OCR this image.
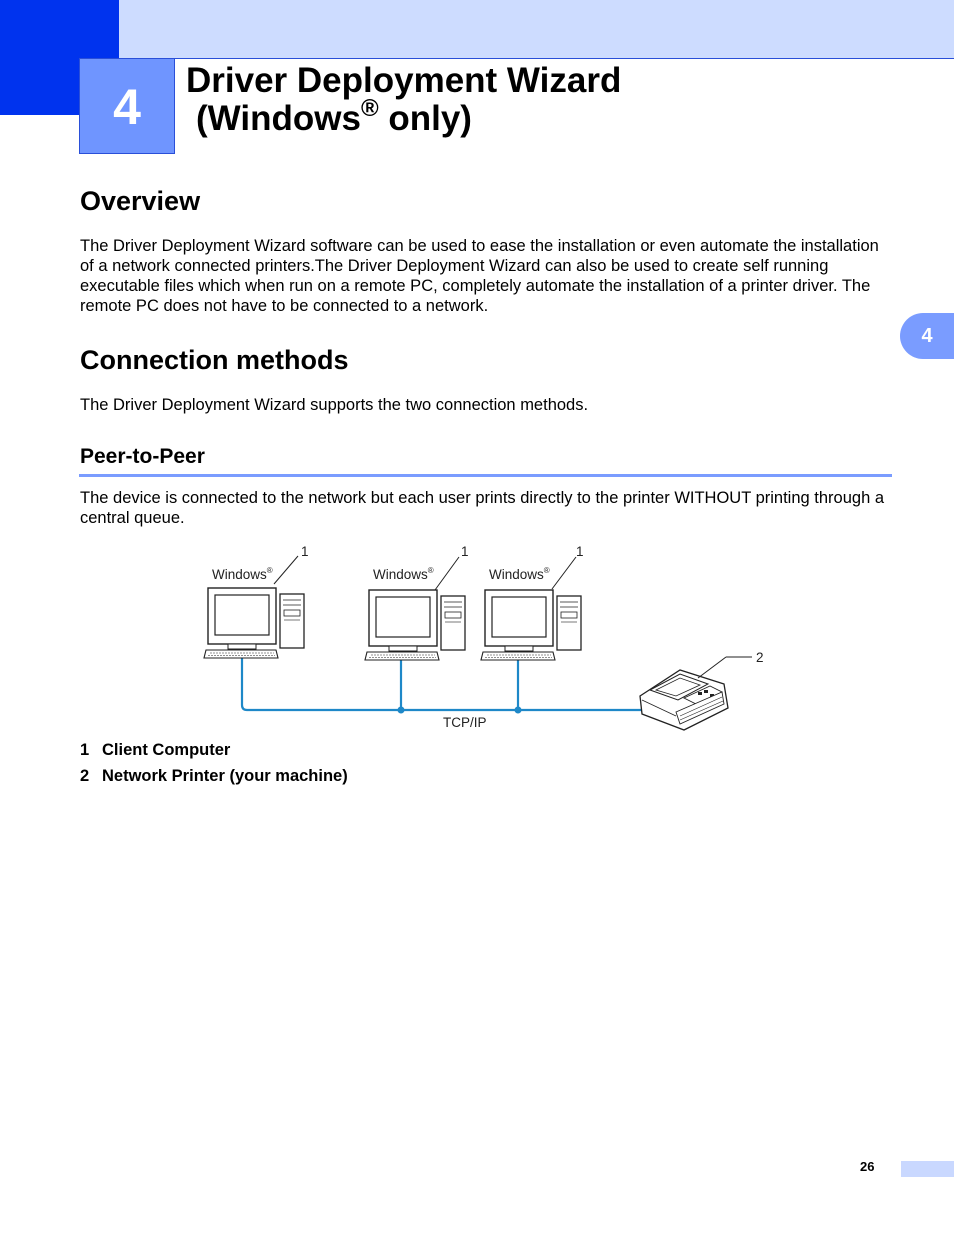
4	Driver Deployment Wizard
(Windows® only)
4
Overview

The Driver Deployment Wizard software can be used to ease the installation or even automate the installation of a network connected printers.The Driver Deployment Wizard can also be used to create self running executable files which when run on a remote PC, completely automate the installation of a printer driver. The remote PC does not have to be connected to a network.

Connection methods

The Driver Deployment Wizard supports the two connection methods.

Peer-to-Peer

The device is connected to the network but each user prints directly to the printer WITHOUT printing through a central queue.

Windows®
1
Windows®
1
Windows®
1
2
TCP/IP
1 Client Computer
2 Network Printer (your machine)
26
